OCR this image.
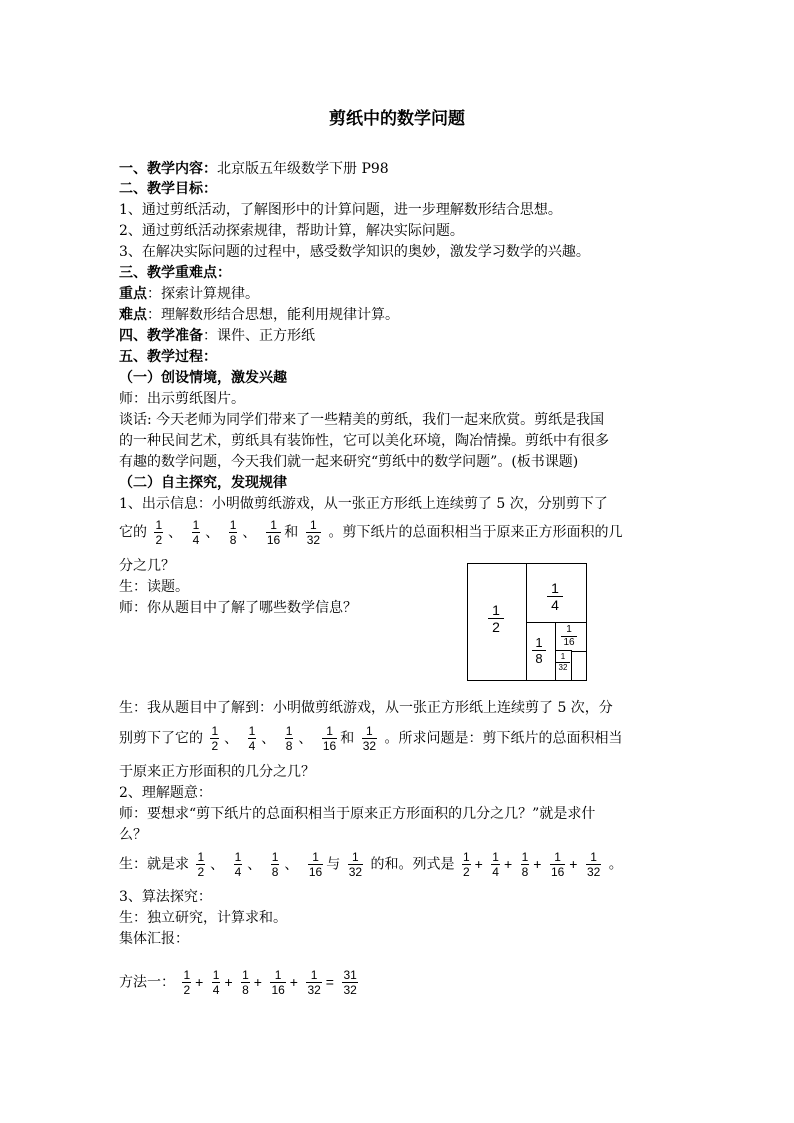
剪纸中的数学问题
一、教学内容：北京版五年级数学下册 P98
二、教学目标：
1、通过剪纸活动，了解图形中的计算问题，进一步理解数形结合思想。
2、通过剪纸活动探索规律，帮助计算，解决实际问题。
3、在解决实际问题的过程中，感受数学知识的奥妙，激发学习数学的兴趣。
三、教学重难点：
重点：探索计算规律。
难点：理解数形结合思想，能利用规律计算。
四、教学准备：课件、正方形纸
五、教学过程：
（一）创设情境，激发兴趣
师：出示剪纸图片。
谈话: 今天老师为同学们带来了一些精美的剪纸，我们一起来欣赏。剪纸是我国
的一种民间艺术，剪纸具有装饰性，它可以美化环境，陶冶情操。剪纸中有很多
有趣的数学问题，今天我们就一起来研究“剪纸中的数学问题”。(板书课题)
（二）自主探究，发现规律
1、出示信息：小明做剪纸游戏，从一张正方形纸上连续剪了 5 次，分别剪下了
它的 $\frac{1}{2}$ 、 $\frac{1}{4}$ 、 $\frac{1}{8}$ 、 $\frac{1}{16}$ 和 $\frac{1}{32}$ 。剪下纸片的总面积相当于原来正方形面积的几
分之几？
生：读题。
师：你从题目中了解了哪些数学信息？	$\frac{1}{2}$
$\frac{1}{4}$
$\frac{1}{8} \frac{1}{16}$
$\frac{1}{32}$
生：我从题目中了解到：小明做剪纸游戏，从一张正方形纸上连续剪了 5 次，分
别剪下了它的 $\frac{1}{2}$ 、 $\frac{1}{4}$ 、 $\frac{1}{8}$ 、 $\frac{1}{16}$ 和 $\frac{1}{32}$ 。所求问题是：剪下纸片的总面积相当
于原来正方形面积的几分之几？
2、理解题意：
师：要想求“剪下纸片的总面积相当于原来正方形面积的几分之几？”就是求什
么？
生：就是求 $\frac{1}{2}$ 、 $\frac{1}{4}$ 、 $\frac{1}{8}$ 、 $\frac{1}{16}$ 与 $\frac{1}{32}$ 的和。列式是 $\frac{1}{2} + \frac{1}{4} + \frac{1}{8} + \frac{1}{16} + \frac{1}{32}$ 。
3、算法探究：
生：独立研究，计算求和。
集体汇报：
方法一： $\frac{1}{2} + \frac{1}{4} + \frac{1}{8} + \frac{1}{16} + \frac{1}{32} = \frac{31}{32}$
